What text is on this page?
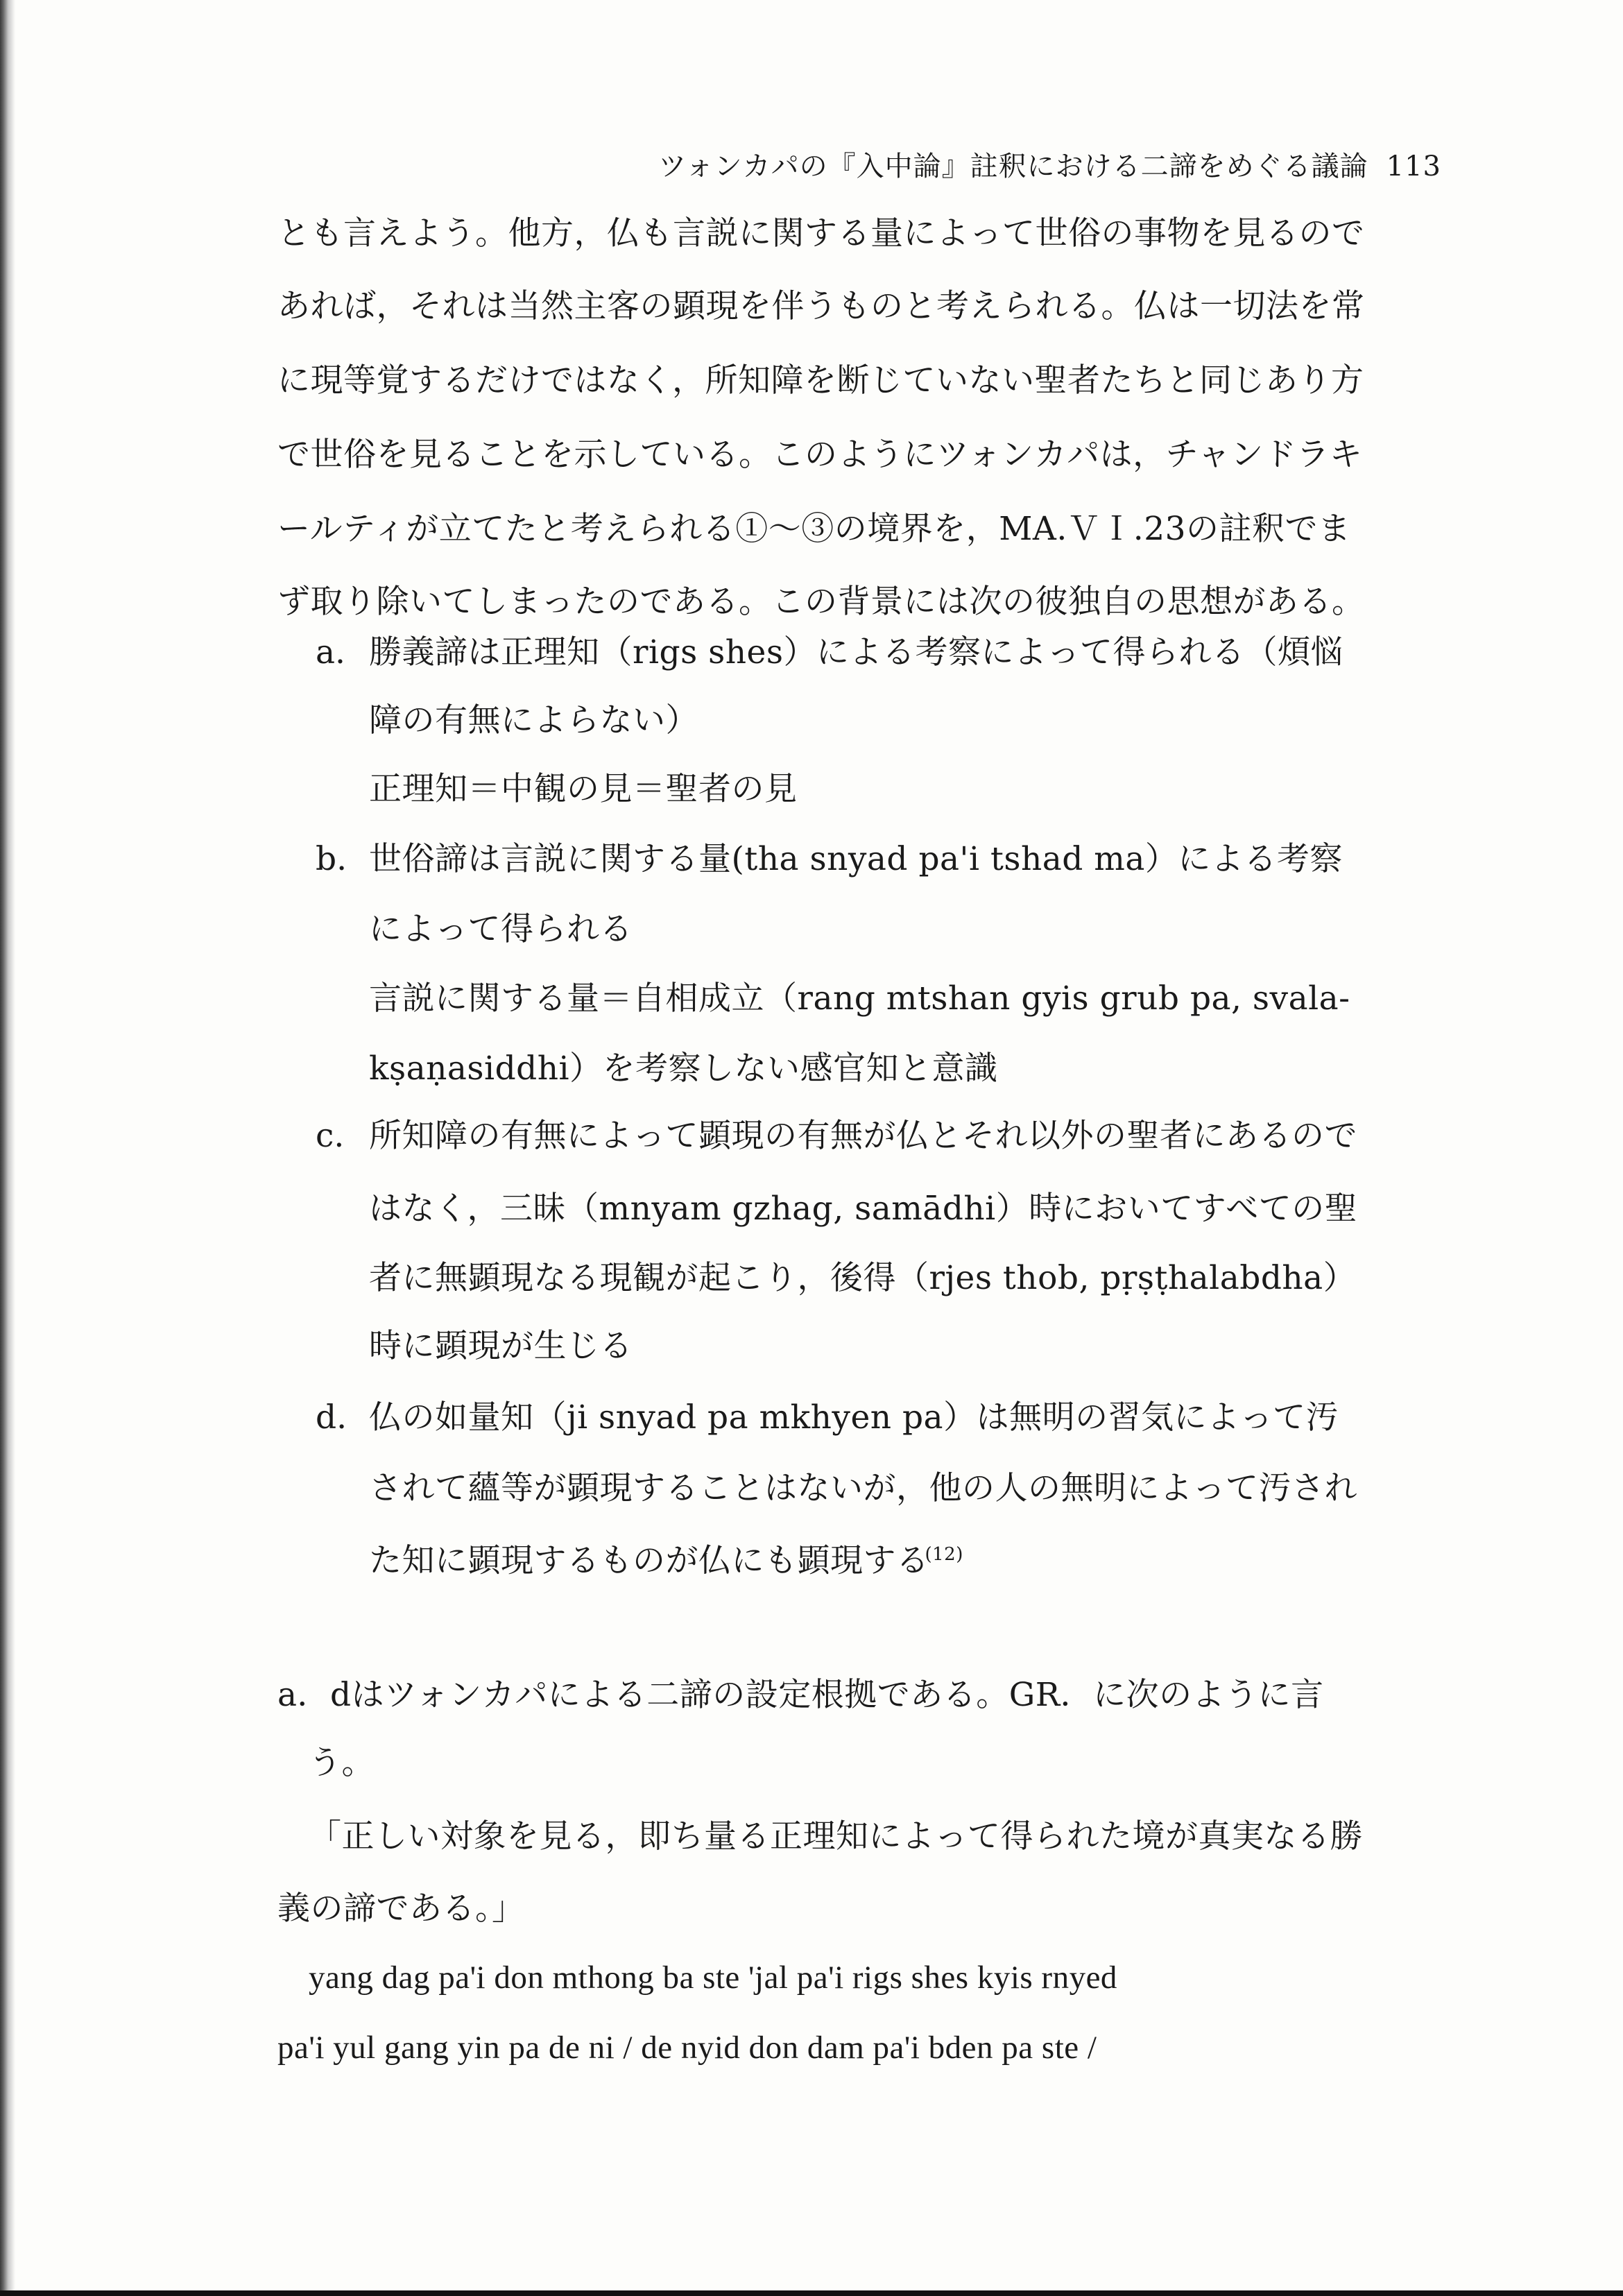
ツォンカパの『入中論』註釈における二諦をめぐる議論 113
とも言えよう。他方，仏も言説に関する量によって世俗の事物を見るので
あれば，それは当然主客の顕現を伴うものと考えられる。仏は一切法を常
に現等覚するだけではなく，所知障を断じていない聖者たちと同じあり方
で世俗を見ることを示している。このようにツォンカパは，チャンドラキ
ールティが立てたと考えられる①～③の境界を，MA.ＶＩ.23の註釈でま
ず取り除いてしまったのである。この背景には次の彼独自の思想がある。
a. 勝義諦は正理知（rigs shes）による考察によって得られる（煩悩
障の有無によらない）
正理知＝中観の見＝聖者の見
b. 世俗諦は言説に関する量(tha snyad pa'i tshad ma）による考察
によって得られる
言説に関する量＝自相成立（rang mtshan gyis grub pa, svala-
kṣaṇasiddhi）を考察しない感官知と意識
c. 所知障の有無によって顕現の有無が仏とそれ以外の聖者にあるので
はなく，三昧（mnyam gzhag, samādhi）時においてすべての聖
者に無顕現なる現観が起こり，後得（rjes thob, pṛṣṭhalabdha）
時に顕現が生じる
d. 仏の如量知（ji snyad pa mkhyen pa）は無明の習気によって汚
されて蘊等が顕現することはないが，他の人の無明によって汚され
た知に顕現するものが仏にも顕現する$^{(12)}$
a．dはツォンカパによる二諦の設定根拠である。GR．に次のように言
う。
「正しい対象を見る，即ち量る正理知によって得られた境が真実なる勝
義の諦である。」
yang dag pa'i don mthong ba ste 'jal pa'i rigs shes kyis rnyed
pa'i yul gang yin pa de ni / de nyid don dam pa'i bden pa ste /
